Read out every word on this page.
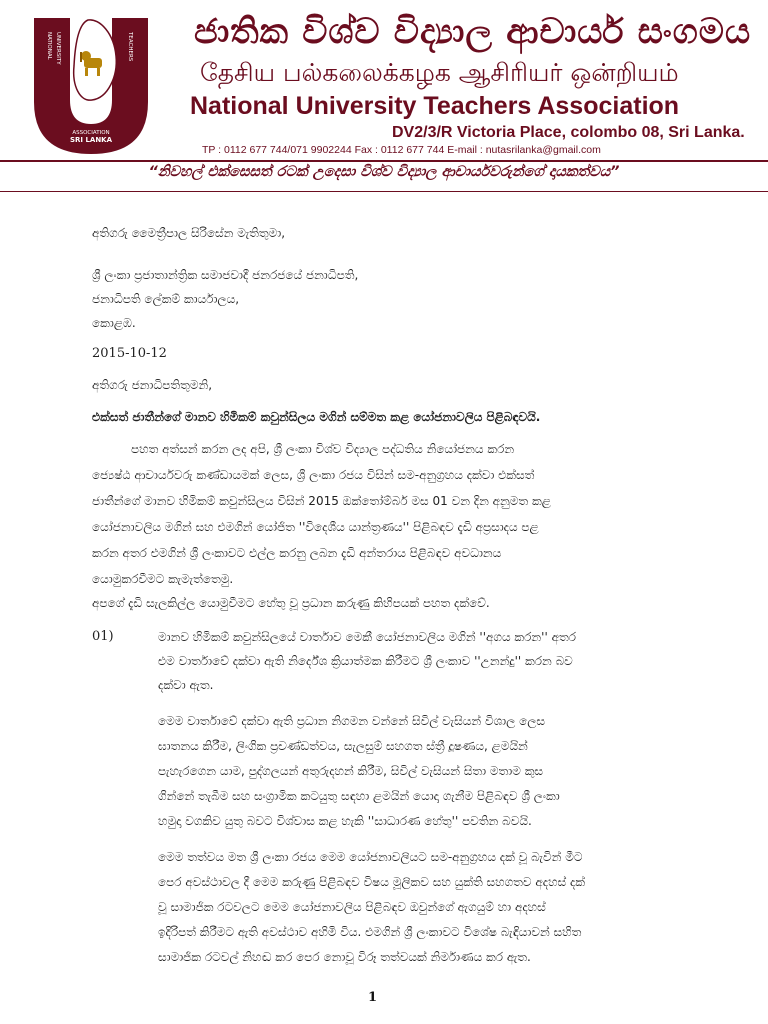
NATIONAL UNIVERSITY	TEACHERS
SRI LANKA
ASSOCIATION
ජාතික විශ්ව විද්‍යාල ආචාර්ය සංගමය
தேசிய பல்கலைக்கழக ஆசிரியர் ஒன்றியம்
National University Teachers Association
DV2/3/R Victoria Place, colombo 08, Sri Lanka.
TP : 0112 677 744/071 9902244 Fax : 0112 677 744 E-mail : nutasrilanka@gmail.com
“නිවහල් එක්සෙසත් රටක් උදෙසා විශ්ව විද්‍යාල ආචාර්යවරුන්ගේ දායකත්වය”
අතිගරු මෛත්‍රීපාල සිරිසේන මැතිතුමා,
ශ්‍රී ලංකා ප්‍රජාතාන්ත්‍රික සමාජවාදී ජනරජයේ ජනාධිපති,
ජනාධිපති ලේකම් කාර්යාලය,
කොළඹ.
2015-10-12
අතිගරු ජනාධිපතිතුමනි,
එක්සත් ජාතීන්ගේ මානව හිමිකම් කවුන්සිලය මගින් සම්මත කළ යෝජනාවලිය පිළිබඳවයි.
පහත අත්සන් කරන ලද අපි, ශ්‍රී ලංකා විශ්ව විද්‍යාල පද්ධතිය නියෝජනය කරන
ජ්‍යෙෂ්ඨ ආචාර්යවරු කණ්ඩායමක් ලෙස, ශ්‍රී ලංකා රජය විසින් සම-අනුග්‍රහය දක්වා එක්සත්
ජාතීන්ගේ මානව හිමිකම් කවුන්සිලය විසින් 2015 ඔක්තෝම්බර් මස 01 වන දින අනුමත කළ
යෝජනාවලිය මගින් සහ එමගින් යෝජිත ''විදෙශීය යාන්ත්‍රණය'' පිළිබඳව දැඩි අප්‍රසාදය පළ
කරන අතර එමගින් ශ්‍රී ලංකාවට එල්ල කරනු ලබන දැඩි අන්තරාය පිළිබඳව අවධානය
යොමුකරවීමට කැමැත්තෙමු.
අපගේ දැඩි සැලකිල්ල යොමුවීමට හේතු වූ ප්‍රධාන කරුණු කිහිපයක් පහත දක්වේ.
01)	මානව හිමිකම් කවුන්සිලයේ වාර්තාව මෙකී යෝජනාවලිය මගින් ''අගය කරන'' අතර
එම වාර්තාවේ දක්වා ඇති නිර්දේශ ක්‍රියාත්මක කිරීමට ශ්‍රී ලංකාව ''උනන්දු'' කරන බව
දක්වා ඇත.
මෙම වාර්තාවේ දක්වා ඇති ප්‍රධාන නිගමන වන්නේ සිවිල් වැසියන් විශාල ලෙස
ඝාතනය කිරීම, ලිංගික ප්‍රචණ්ඩත්වය, සැලසුම් සහගත ස්ත්‍රී දූෂණය, ළමයින්
පැහැරගෙන යාම, පුද්ගලයන් අතුරුදහන් කිරීම, සිවිල් වැසියන් සිතා මතාම කුස
ගින්නේ තැබීම සහ සංග්‍රාමික කටයුතු සඳහා ළමයින් යොදා ගැනීම පිළිබඳව ශ්‍රී ලංකා
හමුදා වගකිව යුතු බවට විශ්වාස කළ හැකි ''සාධාරණ හේතු'' පවතින බවයි.
මෙම තත්වය මත ශ්‍රී ලංකා රජය මෙම යෝජනාවලියට සම-අනුග්‍රහය දක් වූ බැවින් මීට
පෙර අවස්ථාවල දී මෙම කරුණු පිළිබඳව විෂය මූලිකව සහ යුක්ති සහගතව අදහස් දක්
වූ සාමාජික රටවලට මෙම යෝජනාවලිය පිළිබඳව ඔවුන්ගේ ඇගයුම් හා අදහස්
ඉදිරිපත් කිරීමට ඇති අවස්ථාව අහිමි විය. එමගින් ශ්‍රී ලංකාවට විශේෂ බැඳියාවන් සහිත
සාමාජික රටවල් නිහඬ කර පෙර නොවූ විරූ තත්වයක් නිර්මාණය කර ඇත.
1
